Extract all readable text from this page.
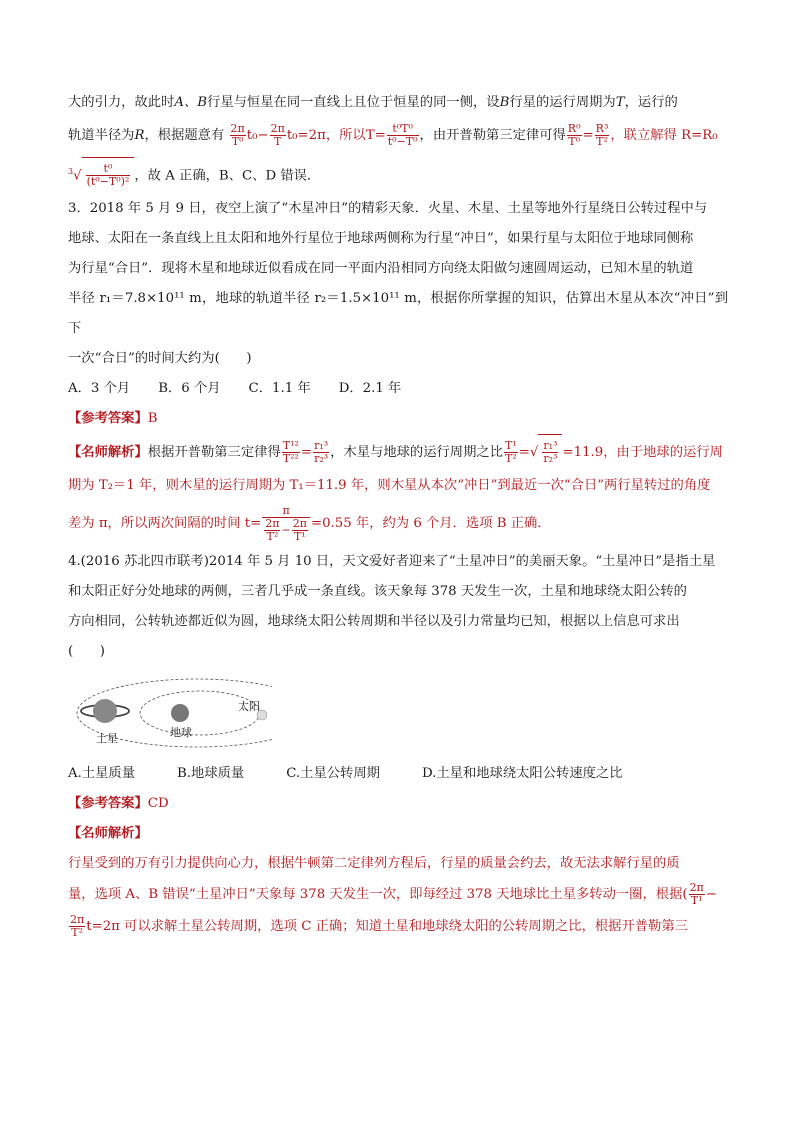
大的引力，故此时A、B行星与恒星在同一直线上且位于恒星的同一侧，设B行星的运行周期为T，运行的

轨道半径为R，根据题意有 $\frac{2\pi}{\text{T⁰}} t_0- \frac{2\pi}{T} t_0=2\pi$，所以$T= \frac{\text{t⁰T⁰}}{\text{t⁰−T⁰}}$ ，由开普勒第三定律可得 $\frac{\text{R⁰}}{\text{T⁰}} = \frac{\text{R³}}{\text{T²}}$ ，联立解得 R=R₀

$^3√ \frac{\text{t⁰}}{\text{(t⁰−T⁰)²}}$ ，故 A 正确，B、C、D 错误．

3．2018 年 5 月 9 日，夜空上演了“木星冲日”的精彩天象．火星、木星、土星等地外行星绕日公转过程中与

地球、太阳在一条直线上且太阳和地外行星位于地球两侧称为行星“冲日”，如果行星与太阳位于地球同侧称

为行星“合日”．现将木星和地球近似看成在同一平面内沿相同方向绕太阳做匀速圆周运动，已知木星的轨道

半径 r₁＝7.8×10¹¹ m，地球的轨道半径 r₂＝1.5×10¹¹ m，根据你所掌握的知识，估算出木星从本次“冲日”到下

一次“合日”的时间大约为(　　)

A．3 个月 B．6 个月 C．1.1 年 D．2.1 年

【参考答案】B

【名师解析】根据开普勒第三定律得 $\frac{\text{T¹²}}{\text{T²²}} = \frac{\text{r₁³}}{\text{r₂³}}$ ，木星与地球的运行周期之比 $\frac{\text{T¹}}{\text{T²}}$ =√ $\frac{\text{r₁³}}{\text{r₂³}} =11.9$，由于地球的运行周

期为 T₂＝1 年，则木星的运行周期为 T₁＝11.9 年，则木星从本次“冲日”到最近一次“合日”两行星转过的角度

差为 π，所以两次间隔的时间 $t= \frac{\pi}{\frac{2\pi}{\text{T²}} - \frac{2\pi}{\text{T¹}}} =0.55$ 年，约为 6 个月．选项 B 正确．

4.(2016 苏北四市联考)2014 年 5 月 10 日，天文爱好者迎来了“土星冲日”的美丽天象。“土星冲日”是指土星

和太阳正好分处地球的两侧，三者几乎成一条直线。该天象每 378 天发生一次，土星和地球绕太阳公转的

方向相同，公转轨迹都近似为圆，地球绕太阳公转周期和半径以及引力常量均已知，根据以上信息可求出

(　　)

土星	地球
太阳
A.土星质量	B.地球质量	C.土星公转周期	D.土星和地球绕太阳公转速度之比

【参考答案】CD

【名师解析】

行星受到的万有引力提供向心力，根据牛顿第二定律列方程后，行星的质量会约去，故无法求解行星的质

量，选项 A、B 错误“土星冲日”天象每 378 天发生一次，即每经过 378 天地球比土星多转动一圈，根据( $\frac{2\pi}{\text{T¹}}$ −

$\frac{2\pi}{\text{T²}} t=2\pi$ 可以求解土星公转周期，选项 C 正确；知道土星和地球绕太阳的公转周期之比，根据开普勒第三
